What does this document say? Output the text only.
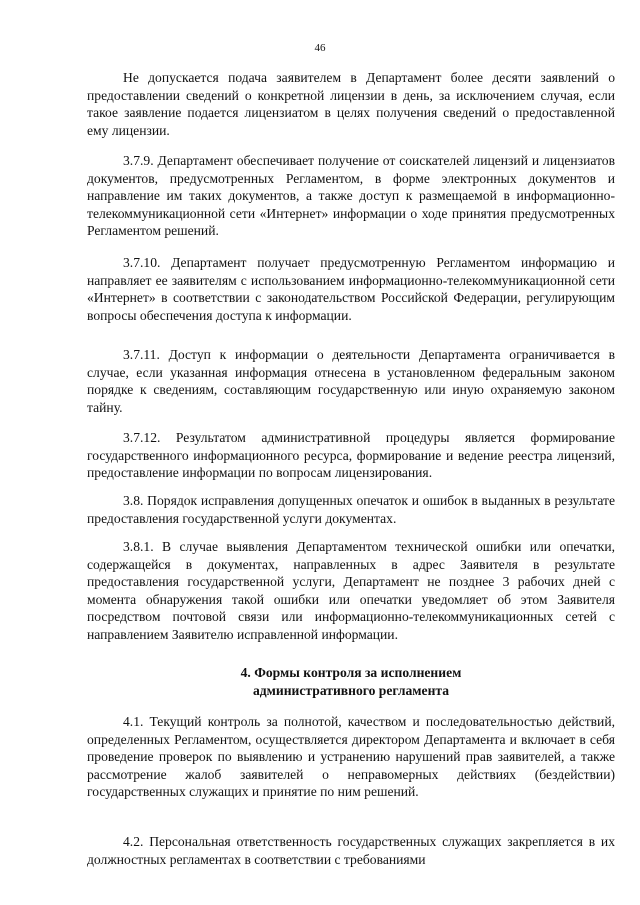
46

Не допускается подача заявителем в Департамент более десяти заявлений о предоставлении сведений о конкретной лицензии в день, за исключением случая, если такое заявление подается лицензиатом в целях получения сведений о предоставленной ему лицензии.

3.7.9. Департамент обеспечивает получение от соискателей лицензий и лицензиатов документов, предусмотренных Регламентом, в форме электронных документов и направление им таких документов, а также доступ к размещаемой в информационно-телекоммуникационной сети «Интернет» информации о ходе принятия предусмотренных Регламентом решений.

3.7.10. Департамент получает предусмотренную Регламентом информацию и направляет ее заявителям с использованием информационно-телекоммуникационной сети «Интернет» в соответствии с законодательством Российской Федерации, регулирующим вопросы обеспечения доступа к информации.

3.7.11. Доступ к информации о деятельности Департамента ограничивается в случае, если указанная информация отнесена в установленном федеральным законом порядке к сведениям, составляющим государственную или иную охраняемую законом тайну.

3.7.12. Результатом административной процедуры является формирование государственного информационного ресурса, формирование и ведение реестра лицензий, предоставление информации по вопросам лицензирования.

3.8. Порядок исправления допущенных опечаток и ошибок в выданных в результате предоставления государственной услуги документах.

3.8.1. В случае выявления Департаментом технической ошибки или опечатки, содержащейся в документах, направленных в адрес Заявителя в результате предоставления государственной услуги, Департамент не позднее 3 рабочих дней с момента обнаружения такой ошибки или опечатки уведомляет об этом Заявителя посредством почтовой связи или информационно-телекоммуникационных сетей с направлением Заявителю исправленной информации.

4. Формы контроля за исполнением
административного регламента

4.1. Текущий контроль за полнотой, качеством и последовательностью действий, определенных Регламентом, осуществляется директором Департамента и включает в себя проведение проверок по выявлению и устранению нарушений прав заявителей, а также рассмотрение жалоб заявителей о неправомерных действиях (бездействии) государственных служащих и принятие по ним решений.

4.2. Персональная ответственность государственных служащих закрепляется в их должностных регламентах в соответствии с требованиями
